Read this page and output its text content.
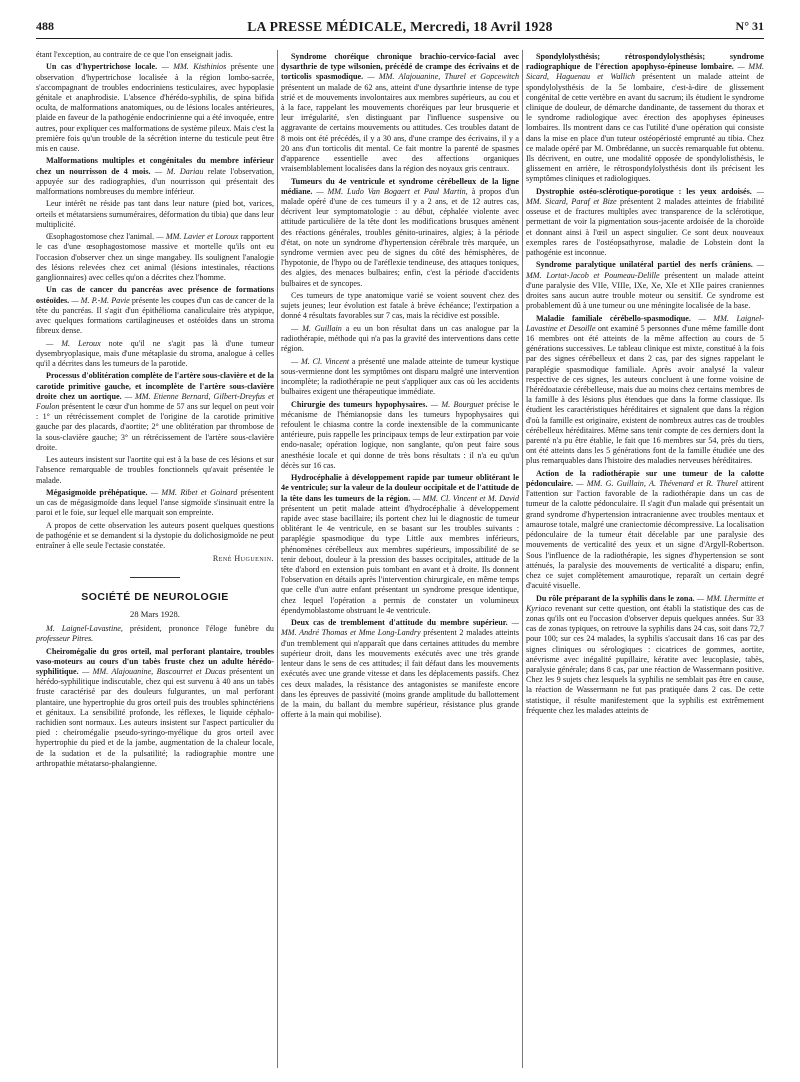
488	LA PRESSE MÉDICALE, Mercredi, 18 Avril 1928	N° 31

étant l'exception, au contraire de ce que l'on enseignait jadis.

Un cas d'hypertrichose locale. — MM. Kisthinios présente une observation d'hypertrichose localisée à la région lombo-sacrée, s'accompagnant de troubles endocriniens testiculaires, avec hypoplasie génitale et anaphrodisie. L'absence d'hérédo-syphilis, de spina bifida oculta, de malformations anatomiques, ou de lésions locales antérieures, plaide en faveur de la pathogénie endocrinienne qui a été invoquée, entre autres, pour expliquer ces malformations de système pileux. Mais c'est la première fois qu'un trouble de la sécrétion interne du testicule peut être mis en cause.

Malformations multiples et congénitales du membre inférieur chez un nourrisson de 4 mois. — M. Dariau relate l'observation, appuyée sur des radiographies, d'un nourrisson qui présentait des malformations nombreuses du membre inférieur.

Leur intérêt ne réside pas tant dans leur nature (pied bot, varices, orteils et métatarsiens surnuméraires, déformation du tibia) que dans leur multiplicité.

Œsophagostomose chez l'animal. — MM. Lavier et Loroux rapportent le cas d'une œsophagostomose massive et mortelle qu'ils ont eu l'occasion d'observer chez un singe mangabey. Ils soulignent l'analogie des lésions relevées chez cet animal (lésions intestinales, réactions ganglionnaires) avec celles qu'on a décrites chez l'homme.

Un cas de cancer du pancréas avec présence de formations ostéoïdes. — M. P.-M. Pavie présente les coupes d'un cas de cancer de la tête du pancréas. Il s'agit d'un épithélioma canaliculaire très atypique, avec quelques formations cartilagineuses et ostéoïdes dans un stroma fibreux dense.

— M. Leroux note qu'il ne s'agit pas là d'une tumeur dysembryoplasique, mais d'une métaplasie du stroma, analogue à celles qu'il a décrites dans les tumeurs de la parotide.

Processus d'oblitération complète de l'artère sous-clavière et de la carotide primitive gauche, et incomplète de l'artère sous-clavière droite chez un aortique. — MM. Etienne Bernard, Gilbert-Dreyfus et Foulon présentent le cœur d'un homme de 57 ans sur lequel on peut voir : 1° un rétrécissement complet de l'origine de la carotide primitive gauche par des placards, d'aortite; 2° une oblitération par thrombose de la sous-clavière gauche; 3° un rétrécissement de l'artère sous-clavière droite.

Les auteurs insistent sur l'aortite qui est à la base de ces lésions et sur l'absence remarquable de troubles fonctionnels qu'avait présentée le malade.

Mégasigmoïde préhépatique. — MM. Ribet et Goinard présentent un cas de mégasigmoïde dans lequel l'anse sigmoïde s'insinuait entre la paroi et le foie, sur lequel elle marquait son empreinte.

A propos de cette observation les auteurs posent quelques questions de pathogénie et se demandent si la dystopie du dolichosigmoïde ne peut entraîner à elle seule l'ectasie constatée.

René Huguenin.
SOCIÉTÉ DE NEUROLOGIE
28 Mars 1928.

M. Laignel-Lavastine, président, prononce l'éloge funèbre du professeur Pitres.

Cheiromégalie du gros orteil, mal perforant plantaire, troubles vaso-moteurs au cours d'un tabès fruste chez un adulte hérédo-syphilitique. — MM. Alajouanine, Bascourret et Ducas présentent un hérédo-syphilitique indiscutable, chez qui est survenu à 40 ans un tabès fruste caractérisé par des douleurs fulgurantes, un mal perforant plantaire, une hypertrophie du gros orteil puis des troubles sphinctériens et génitaux. La sensibilité profonde, les réflexes, le liquide céphalo-rachidien sont normaux. Les auteurs insistent sur l'aspect particulier du pied : cheiromégalie pseudo-syringo-myélique du gros orteil avec hypertrophie du pied et de la jambe, augmentation de la chaleur locale, de la sudation et de la pulsatilité; la radiographie montre une arthropathie métatarso-phalangienne.

Syndrome choréique chronique brachio-cervico-facial avec dysarthrie de type wilsonien, précédé de crampe des écrivains et de torticolis spasmodique. — MM. Alajouanine, Thurel et Gopcewitch présentent un malade de 62 ans, atteint d'une dysarthrie intense de type strié et de mouvements involontaires aux membres supérieurs, au cou et à la face, rappelant les mouvements choréiques par leur brusquerie et leur irrégularité, s'en distinguant par l'influence suspensive ou aggravante de certains mouvements ou attitudes. Ces troubles datant de 8 mois ont été précédés, il y a 30 ans, d'une crampe des écrivains, il y a 20 ans d'un torticolis dit mental. Ce fait montre la parenté de spasmes d'apparence essentielle avec des affections organiques vraisemblablement localisées dans la région des noyaux gris centraux.

Tumeurs du 4e ventricule et syndrome cérébelleux de la ligne médiane. — MM. Ludo Van Bogaert et Paul Martin, à propos d'un malade opéré d'une de ces tumeurs il y a 2 ans, et de 12 autres cas, décrivent leur symptomatologie : au début, céphalée violente avec attitude particulière de la tête dont les modifications brusques amènent des réactions générales, troubles génito-urinaires, algies; à la période d'état, on note un syndrome d'hypertension cérébrale très marquée, un syndrome vermien avec peu de signes du côté des hémisphères, de l'hypotonie, de l'hypo ou de l'aréflexie tendineuse, des attaques toniques, des algies, des menaces bulbaires; enfin, c'est la période d'accidents bulbaires et de syncopes.

Ces tumeurs de type anatomique varié se voient souvent chez des sujets jeunes; leur évolution est fatale à brève échéance; l'extirpation a donné 4 résultats favorables sur 7 cas, mais la récidive est possible.

— M. Guillain a eu un bon résultat dans un cas analogue par la radiothérapie, méthode qui n'a pas la gravité des interventions dans cette région.

— M. Cl. Vincent a présenté une malade atteinte de tumeur kystique sous-vermienne dont les symptômes ont disparu malgré une intervention incomplète; la radiothérapie ne peut s'appliquer aux cas où les accidents bulbaires exigent une thérapeutique immédiate.

Chirurgie des tumeurs hypophysaires. — M. Bourguet précise le mécanisme de l'hémianopsie dans les tumeurs hypophysaires qui refoulent le chiasma contre la corde inextensible de la communicante antérieure, puis rappelle les principaux temps de leur extirpation par voie endo-nasale; opération logique, non sanglante, qu'on peut faire sous anesthésie locale et qui donne de très bons résultats : il n'a eu qu'un décès sur 16 cas.

Hydrocéphalie à développement rapide par tumeur oblitérant le 4e ventricule; sur la valeur de la douleur occipitale et de l'attitude de la tête dans les tumeurs de la région. — MM. Cl. Vincent et M. David présentent un petit malade atteint d'hydrocéphalie à développement rapide avec stase bacillaire; ils portent chez lui le diagnostic de tumeur oblitérant le 4e ventricule, en se basant sur les troubles suivants : paraplégie spasmodique du type Little aux membres inférieurs, phénomènes cérébelleux aux membres supérieurs, impossibilité de se tenir debout, douleur à la pression des basses occipitales, attitude de la tête d'abord en extension puis tombant en avant et à droite. Ils donnent l'observation en détails après l'intervention chirurgicale, en même temps que celle d'un autre enfant présentant un syndrome presque identique, chez lequel l'opération a permis de constater un volumineux épendymoblastome obstruant le 4e ventricule.

Deux cas de tremblement d'attitude du membre supérieur. — MM. André Thomas et Mme Long-Landry présentent 2 malades atteints d'un tremblement qui n'apparaît que dans certaines attitudes du membre supérieur droit, dans les mouvements exécutés avec une très grande lenteur dans le sens de ces attitudes; il fait défaut dans les mouvements exécutés avec une grande vitesse et dans les déplacements passifs. Chez ces deux malades, la résistance des antagonistes se manifeste encore dans les épreuves de passivité (moins grande amplitude du ballottement de la main, du ballant du membre supérieur, résistance plus grande offerte à la main qui mobilise).

Spondylolysthésis; rétrospondylolysthésis; syndrome radiographique de l'érection apophyso-épineuse lombaire. — MM. Sicard, Haguenau et Wallich présentent un malade atteint de spondylolysthésis de la 5e lombaire, c'est-à-dire de glissement congénital de cette vertèbre en avant du sacrum; ils étudient le syndrome clinique de douleur, de démarche dandinante, de tassement du thorax et le syndrome radiologique avec érection des apophyses épineuses lombaires. Ils montrent dans ce cas l'utilité d'une opération qui consiste dans la mise en place d'un tuteur ostéopériosté emprunté au tibia. Chez ce malade opéré par M. Ombrédanne, un succès remarquable fut obtenu. Ils décrivent, en outre, une modalité opposée de spondylolisthésis, le glissement en arrière, le rétrospondylolysthésis dont ils précisent les symptômes cliniques et radiologiques.

Dystrophie ostéo-sclérotique-porotique : les yeux ardoisés. — MM. Sicard, Paraf et Bize présentent 2 malades atteintes de friabilité osseuse et de fractures multiples avec transparence de la sclérotique, permettant de voir la pigmentation sous-jacente ardoisée de la choroïde et donnant ainsi à l'œil un aspect singulier. Ce sont deux nouveaux exemples rares de l'ostéopsathyrose, maladie de Lobstein dont la pathogénie est inconnue.

Syndrome paralytique unilatéral partiel des nerfs crâniens. — MM. Lortat-Jacob et Poumeau-Delille présentent un malade atteint d'une paralysie des VIIe, VIIIe, IXe, Xe, XIe et XIIe paires craniennes droites sans aucun autre trouble moteur ou sensitif. Ce syndrome est probablement dû à une tumeur ou une méningite localisée de la base.

Maladie familiale cérébello-spasmodique. — MM. Laignel-Lavastine et Desoille ont examiné 5 personnes d'une même famille dont 16 membres ont été atteints de la même affection au cours de 5 générations successives. Le tableau clinique est mixte, constitué à la fois par des signes cérébelleux et dans 2 cas, par des signes rappelant le paraplégie spasmodique familiale. Après avoir analysé la valeur respective de ces signes, les auteurs concluent à une forme voisine de l'hérédoataxie cérébelleuse, mais due au moins chez certains membres de la famille à des lésions plus étendues que dans la forme classique. Ils étudient les caractéristiques héréditaires et signalent que dans la région d'où la famille est originaire, existent de nombreux autres cas de troubles cérébelleux héréditaires. Même sans tenir compte de ces derniers dont la parenté n'a pu être établie, le fait que 16 membres sur 54, près du tiers, ont été atteints dans les 5 générations font de la famille étudiée une des plus remarquables dans l'histoire des maladies nerveuses héréditaires.

Action de la radiothérapie sur une tumeur de la calotte pédonculaire. — MM. G. Guillain, A. Thévenard et R. Thurel attirent l'attention sur l'action favorable de la radiothérapie dans un cas de tumeur de la calotte pédonculaire. Il s'agit d'un malade qui présentait un grand syndrome d'hypertension intracranienne avec troubles mentaux et amaurose totale, malgré une craniectomie décompressive. La localisation pédonculaire de la tumeur était décelable par une paralysie des mouvements de verticalité des yeux et un signe d'Argyll-Robertson. Sous l'influence de la radiothérapie, les signes d'hypertension se sont atténués, la paralysie des mouvements de verticalité a disparu; enfin, chez ce sujet complètement amaurotique, reparaît un certain degré d'acuité visuelle.

Du rôle préparant de la syphilis dans le zona. — MM. Lhermitte et Kyriaco revenant sur cette question, ont établi la statistique des cas de zonas qu'ils ont eu l'occasion d'observer depuis quelques années. Sur 33 cas de zonas typiques, on retrouve la syphilis dans 24 cas, soit dans 72,7 pour 100; sur ces 24 malades, la syphilis s'accusait dans 16 cas par des signes cliniques ou sérologiques : cicatrices de gommes, aortite, anévrisme avec inégalité pupillaire, kératite avec leucoplasie, tabès, paralysie générale; dans 8 cas, par une réaction de Wassermann positive. Chez les 9 sujets chez lesquels la syphilis ne semblait pas être en cause, la réaction de Wassermann ne fut pas pratiquée dans 2 cas. De cette statistique, il résulte manifestement que la syphilis est extrêmement fréquente chez les malades atteints de
